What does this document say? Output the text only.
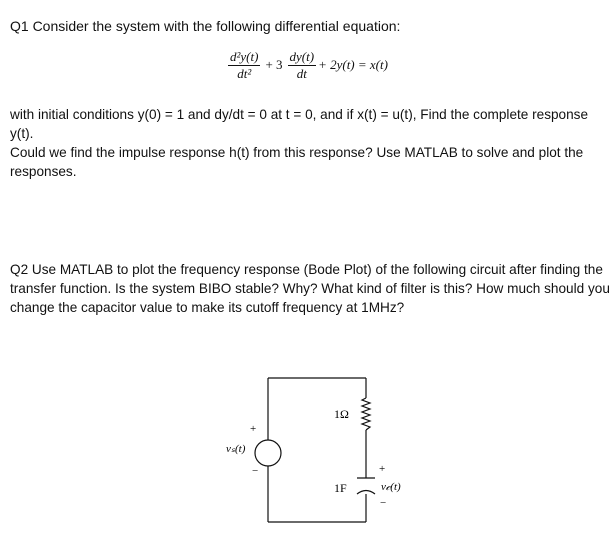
Q1 Consider the system with the following differential equation:
$\frac{\text{d²y(t)}}{\text{dt²}} + 3 \frac{dy(t)}{dt} + 2y(t) = x(t)$
with initial conditions y(0) = 1 and dy/dt = 0 at t = 0, and if x(t) = u(t), Find the complete response y(t).
Could we find the impulse response h(t) from this response? Use MATLAB to solve and plot the
responses.
Q2 Use MATLAB to plot the frequency response (Bode Plot) of the following circuit after finding the
transfer function. Is the system BIBO stable? Why? What kind of filter is this? How much should you
change the capacitor value to make its cutoff frequency at 1MHz?
1Ω
1F
vₛ(t)
+
−	+
v𝒸(t)
−
